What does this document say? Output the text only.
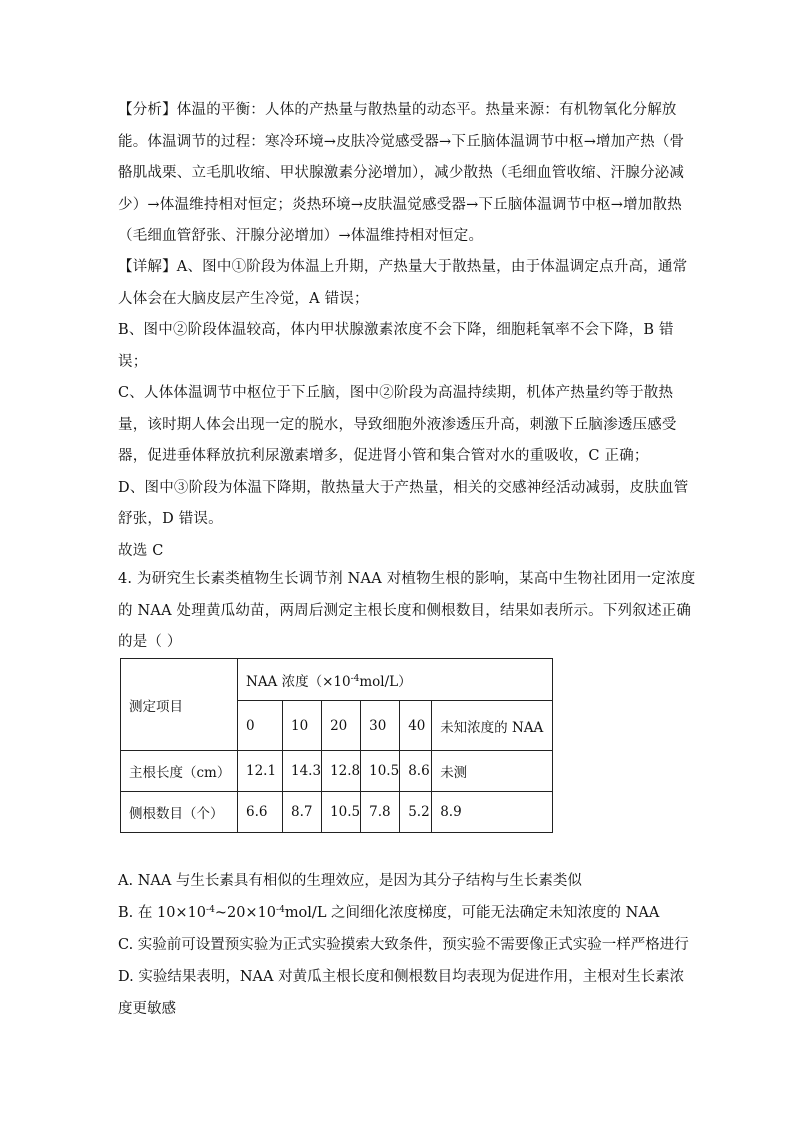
【分析】体温的平衡：人体的产热量与散热量的动态平。热量来源：有机物氧化分解放
能。体温调节的过程：寒冷环境→皮肤冷觉感受器→下丘脑体温调节中枢→增加产热（骨
骼肌战栗、立毛肌收缩、甲状腺激素分泌增加），减少散热（毛细血管收缩、汗腺分泌减
少）→体温维持相对恒定；炎热环境→皮肤温觉感受器→下丘脑体温调节中枢→增加散热
（毛细血管舒张、汗腺分泌增加）→体温维持相对恒定。
【详解】A、图中①阶段为体温上升期，产热量大于散热量，由于体温调定点升高，通常
人体会在大脑皮层产生冷觉，A 错误；
B、图中②阶段体温较高，体内甲状腺激素浓度不会下降，细胞耗氧率不会下降，B 错
误；
C、人体体温调节中枢位于下丘脑，图中②阶段为高温持续期，机体产热量约等于散热
量，该时期人体会出现一定的脱水，导致细胞外液渗透压升高，刺激下丘脑渗透压感受
器，促进垂体释放抗利尿激素增多，促进肾小管和集合管对水的重吸收，C 正确；
D、图中③阶段为体温下降期，散热量大于产热量，相关的交感神经活动减弱，皮肤血管
舒张，D 错误。
故选 C
4. 为研究生长素类植物生长调节剂 NAA 对植物生根的影响，某高中生物社团用一定浓度
的 NAA 处理黄瓜幼苗，两周后测定主根长度和侧根数目，结果如表所示。下列叙述正确
的是（ ）
测定项目	NAA 浓度$(\times 10^{-4}mol/L)$					
	0	10	20	30	40	未知浓度的 NAA
主根长度（cm）	12.1	14.3	12.8	10.5	8.6	未测
侧根数目（个）	6.6	8.7	10.5	7.8	5.2	8.9
A. NAA 与生长素具有相似的生理效应，是因为其分子结构与生长素类似
B. 在 $10\times 10^{-4}\sim 20\times 10^{-4}mol/L$ 之间细化浓度梯度，可能无法确定未知浓度的 NAA
C. 实验前可设置预实验为正式实验摸索大致条件，预实验不需要像正式实验一样严格进行
D. 实验结果表明，NAA 对黄瓜主根长度和侧根数目均表现为促进作用，主根对生长素浓
度更敏感
